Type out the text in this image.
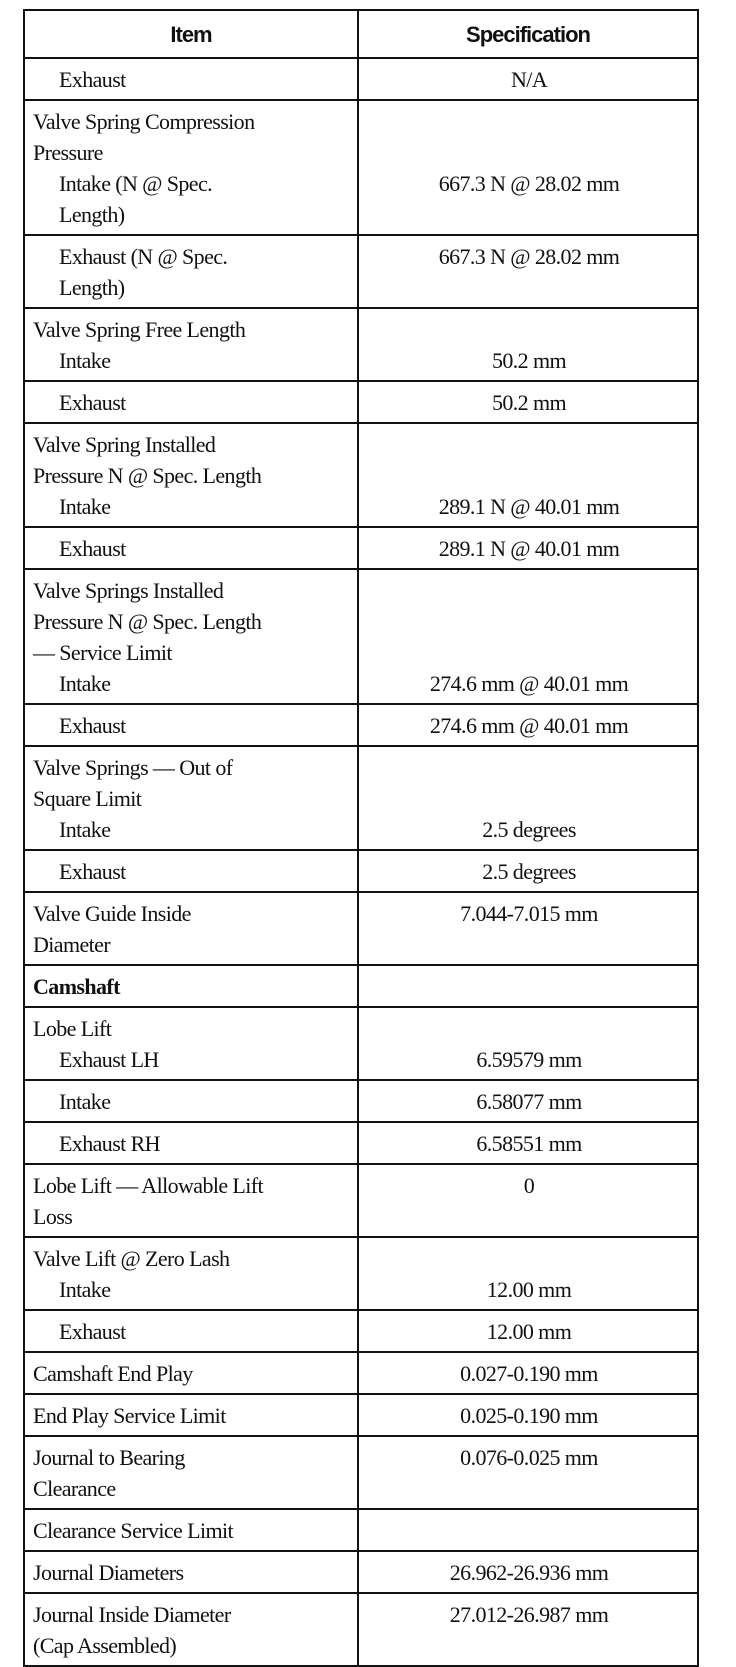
Item	Specification

Exhaust	N/A

Valve Spring Compression
Pressure
Intake (N @ Spec.
Length)	667.3 N @ 28.02 mm

Exhaust (N @ Spec.
Length)	667.3 N @ 28.02 mm

Valve Spring Free Length
Intake	50.2 mm

Exhaust	50.2 mm

Valve Spring Installed
Pressure N @ Spec. Length
Intake	289.1 N @ 40.01 mm

Exhaust	289.1 N @ 40.01 mm

Valve Springs Installed
Pressure N @ Spec. Length
— Service Limit
Intake	274.6 mm @ 40.01 mm

Exhaust	274.6 mm @ 40.01 mm

Valve Springs — Out of
Square Limit
Intake	2.5 degrees

Exhaust	2.5 degrees

Valve Guide Inside
Diameter	7.044-7.015 mm

Camshaft	

Lobe Lift
Exhaust LH	6.59579 mm

Intake	6.58077 mm

Exhaust RH	6.58551 mm

Lobe Lift — Allowable Lift
Loss	0

Valve Lift @ Zero Lash
Intake	12.00 mm

Exhaust	12.00 mm

Camshaft End Play	0.027-0.190 mm

End Play Service Limit	0.025-0.190 mm

Journal to Bearing
Clearance	0.076-0.025 mm

Clearance Service Limit	

Journal Diameters	26.962-26.936 mm

Journal Inside Diameter
(Cap Assembled)	27.012-26.987 mm
